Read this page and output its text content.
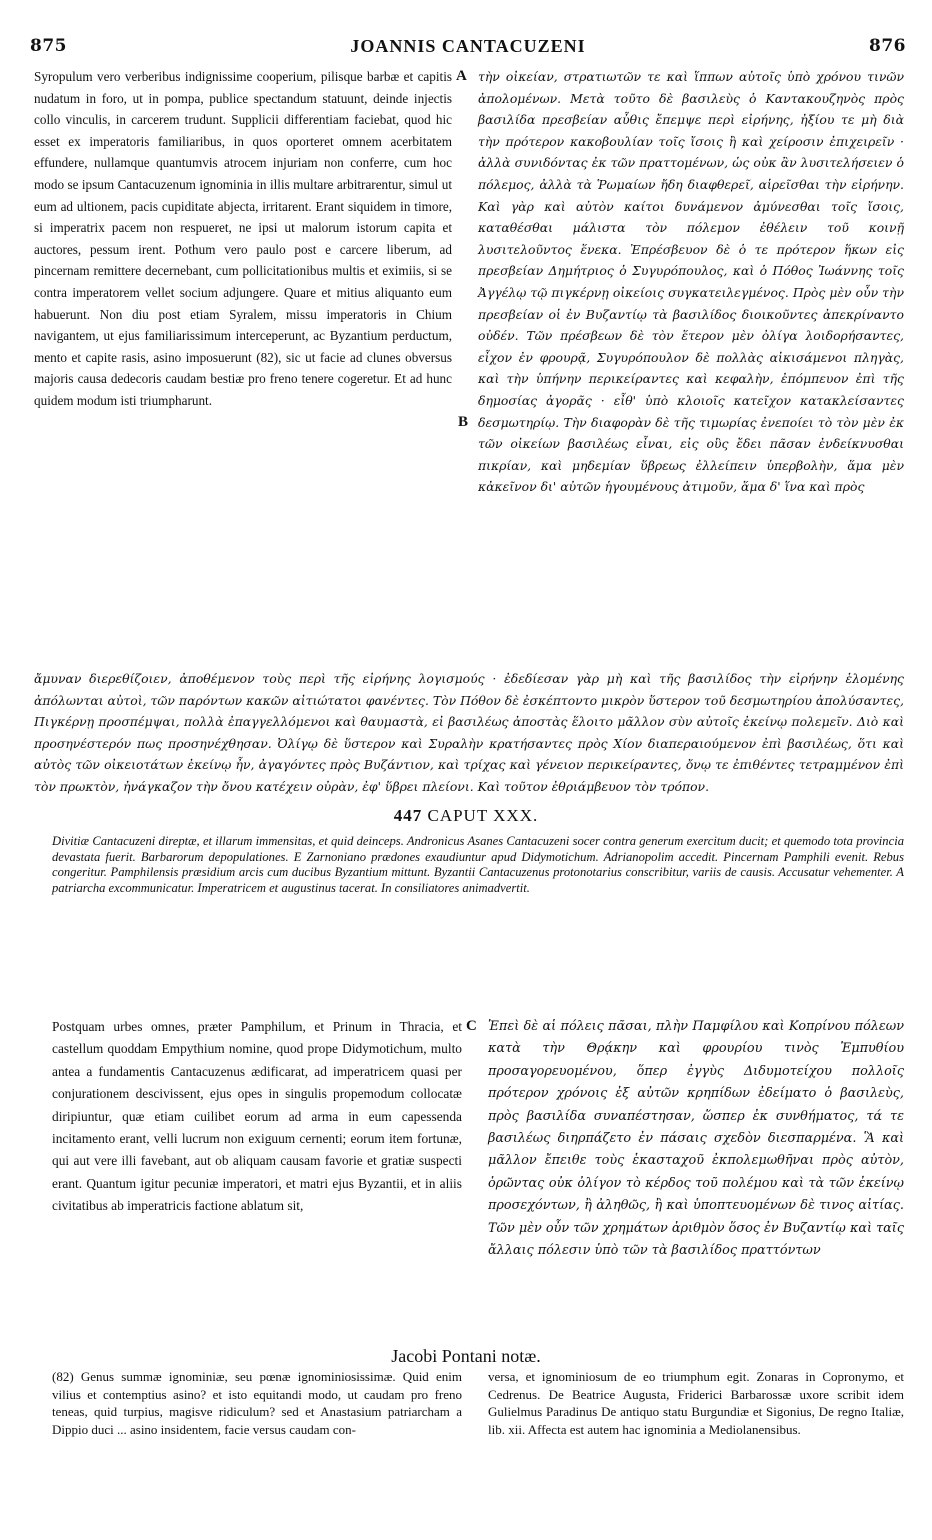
875	JOANNIS CANTACUZENI	876

Syropulum vero verberibus indignissime cooperium, pilisque barbæ et capitis nudatum in foro, ut in pompa, publice spectandum statuunt, deinde injectis collo vinculis, in carcerem trudunt. Supplicii differentiam faciebat, quod hic esset ex imperatoris familiaribus, in quos oporteret omnem acerbitatem effundere, nullamque quantumvis atrocem injuriam non conferre, cum hoc modo se ipsum Cantacuzenum ignominia in illis multare arbitrarentur, simul ut eum ad ultionem, pacis cupiditate abjecta, irritarent. Erant siquidem in timore, si imperatrix pacem non respueret, ne ipsi ut malorum istorum capita et auctores, pessum irent. Pothum vero paulo post e carcere liberum, ad pincernam remittere decernebant, cum pollicitationibus multis et eximiis, si se contra imperatorem vellet socium adjungere. Quare et mitius aliquanto eum habuerunt. Non diu post etiam Syralem, missu imperatoris in Chium navigantem, ut ejus familiarissimum interceperunt, ac Byzantium perductum, mento et capite rasis, asino imposuerunt (82), sic ut facie ad clunes obversus majoris causa dedecoris caudam bestiæ pro freno tenere cogeretur. Et ad hunc quidem modum isti triumpharunt.

A
B

τὴν οἰκείαν, στρατιωτῶν τε καὶ ἵππων αὐτοῖς ὑπὸ χρόνου τινῶν ἀπολομένων. Μετὰ τοῦτο δὲ βασιλεὺς ὁ Καντακουζηνὸς πρὸς βασιλίδα πρεσβείαν αὖθις ἔπεμψε περὶ εἰρήνης, ἠξίου τε μὴ διὰ τὴν πρότερον κακοβουλίαν τοῖς ἴσοις ἢ καὶ χείροσιν ἐπιχειρεῖν · ἀλλὰ συνιδόντας ἐκ τῶν πραττομένων, ὡς οὐκ ἂν λυσιτελήσειεν ὁ πόλεμος, ἀλλὰ τὰ Ῥωμαίων ἤδη διαφθερεῖ, αἱρεῖσθαι τὴν εἰρήνην. Καὶ γὰρ καὶ αὐτὸν καίτοι δυνάμενον ἀμύνεσθαι τοῖς ἴσοις, καταθέσθαι μάλιστα τὸν πόλεμον ἐθέλειν τοῦ κοινῇ λυσιτελοῦντος ἕνεκα. Ἐπρέσβευον δὲ ὁ τε πρότερον ἥκων εἰς πρεσβείαν Δημήτριος ὁ Συγυρόπουλος, καὶ ὁ Πόθος Ἰωάννης τοῖς Ἀγγέλῳ τῷ πιγκέρνῃ οἰκείοις συγκατειλεγμένος. Πρὸς μὲν οὖν τὴν πρεσβείαν οἱ ἐν Βυζαντίῳ τὰ βασιλίδος διοικοῦντες ἀπεκρίναντο οὐδέν. Τῶν πρέσβεων δὲ τὸν ἕτερον μὲν ὀλίγα λοιδορήσαντες, εἶχον ἐν φρουρᾷ, Συγυρόπουλον δὲ πολλὰς αἰκισάμενοι πληγὰς, καὶ τὴν ὑπήνην περικείραντες καὶ κεφαλὴν, ἐπόμπευον ἐπὶ τῆς δημοσίας ἀγορᾶς · εἶθ' ὑπὸ κλοιοῖς κατεῖχον κατακλείσαντες δεσμωτηρίῳ. Τὴν διαφορὰν δὲ τῆς τιμωρίας ἐνεποίει τὸ τὸν μὲν ἐκ τῶν οἰκείων βασιλέως εἶναι, εἰς οὓς ἔδει πᾶσαν ἐνδείκνυσθαι πικρίαν, καὶ μηδεμίαν ὕβρεως ἐλλείπειν ὑπερβολὴν, ἅμα μὲν κἀκεῖνον δι' αὐτῶν ἡγουμένους ἀτιμοῦν, ἅμα δ' ἵνα καὶ πρὸς

ἄμυναν διερεθίζοιεν, ἀποθέμενον τοὺς περὶ τῆς εἰρήνης λογισμούς · ἐδεδίεσαν γὰρ μὴ καὶ τῆς βασιλίδος τὴν εἰρήνην ἑλομένης ἀπόλωνται αὐτοὶ, τῶν παρόντων κακῶν αἰτιώτατοι φανέντες. Τὸν Πόθον δὲ ἐσκέπτοντο μικρὸν ὕστερον τοῦ δεσμωτηρίου ἀπολύσαντες, Πιγκέρνῃ προσπέμψαι, πολλὰ ἐπαγγελλόμενοι καὶ θαυμαστὰ, εἰ βασιλέως ἀποστὰς ἕλοιτο μᾶλλον σὺν αὐτοῖς ἐκείνῳ πολεμεῖν. Διὸ καὶ προσηνέστερόν πως προσηνέχθησαν. Ὀλίγῳ δὲ ὕστερον καὶ Συραλὴν κρατήσαντες πρὸς Χίον διαπεραιούμενον ἐπὶ βασιλέως, ὅτι καὶ αὐτὸς τῶν οἰκειοτάτων ἐκείνῳ ἦν, ἀγαγόντες πρὸς Βυζάντιον, καὶ τρίχας καὶ γένειον περικείραντες, ὄνῳ τε ἐπιθέντες τετραμμένον ἐπὶ τὸν πρωκτὸν, ἠνάγκαζον τὴν ὄνου κατέχειν οὐρὰν, ἐφ' ὕβρει πλείονι. Καὶ τοῦτον ἐθριάμβευον τὸν τρόπον.

447 CAPUT XXX.
Divitiæ Cantacuzeni direptæ, et illarum immensitas, et quid deinceps. Andronicus Asanes Cantacuzeni socer contra generum exercitum ducit; et quemodo tota provincia devastata fuerit. Barbarorum depopulationes. E Zarnoniano prædones exaudiuntur apud Didymotichum. Adrianopolim accedit. Pincernam Pamphili evenit. Rebus congeritur. Pamphilensis præsidium arcis cum ducibus Byzantium mittunt. Byzantii Cantacuzenus protonotarius conscribitur, variis de causis. Accusatur vehementer. A patriarcha excommunicatur. Imperatricem et augustinus tacerat. In consiliatores animadvertit.

Postquam urbes omnes, præter Pamphilum, et Prinum in Thracia, et castellum quoddam Empythium nomine, quod prope Didymotichum, multo antea a fundamentis Cantacuzenus ædificarat, ad imperatricem quasi per conjurationem descivissent, ejus opes in singulis propemodum collocatæ diripiuntur, quæ etiam cuilibet eorum ad arma in eum capessenda incitamento erant, velli lucrum non exiguum cernenti; eorum item fortunæ, qui aut vere illi favebant, aut ob aliquam causam favorie et gratiæ suspecti erant. Quantum igitur pecuniæ imperatori, et matri ejus Byzantii, et in aliis civitatibus ab imperatricis factione ablatum sit,

C Ἐπεὶ δὲ αἱ πόλεις πᾶσαι, πλὴν Παμφίλου καὶ Κοπρίνου πόλεων κατὰ τὴν Θρᾴκην καὶ φρουρίου τινὸς Ἐμπυθίου προσαγορευομένου, ὅπερ ἐγγὺς Διδυμοτείχου πολλοῖς πρότερον χρόνοις ἐξ αὐτῶν κρηπίδων ἐδείματο ὁ βασιλεὺς, πρὸς βασιλίδα συναπέστησαν, ὥσπερ ἐκ συνθήματος, τά τε βασιλέως διηρπάζετο ἐν πάσαις σχεδὸν διεσπαρμένα. Ἃ καὶ μᾶλλον ἔπειθε τοὺς ἑκασταχοῦ ἐκπολεμωθῆναι πρὸς αὐτὸν, ὁρῶντας οὐκ ὀλίγον τὸ κέρδος τοῦ πολέμου καὶ τὰ τῶν ἐκείνῳ προσεχόντων, ἢ ἀληθῶς, ἢ καὶ ὑποπτευομένων δὲ τινος αἰτίας. Τῶν μὲν οὖν τῶν χρημάτων ἀριθμὸν ὅσος ἐν Βυζαντίῳ καὶ ταῖς ἄλλαις πόλεσιν ὑπὸ τῶν τὰ βασιλίδος πραττόντων

Jacobi Pontani notæ.
(82) Genus summæ ignominiæ, seu pœnæ ignominiosissimæ. Quid enim vilius et contemptius asino? et isto equitandi modo, ut caudam pro freno teneas, quid turpius, magisve ridiculum? sed et Anastasium patriarcham a Dippio duci ... asino insidentem, facie versus caudam con-
versa, et ignominiosum de eo triumphum egit. Zonaras in Copronymo, et Cedrenus. De Beatrice Augusta, Friderici Barbarossæ uxore scribit idem Gulielmus Paradinus De antiquo statu Burgundiæ et Sigonius, De regno Italiæ, lib. xii. Affecta est autem hac ignominia a Mediolanensibus.
